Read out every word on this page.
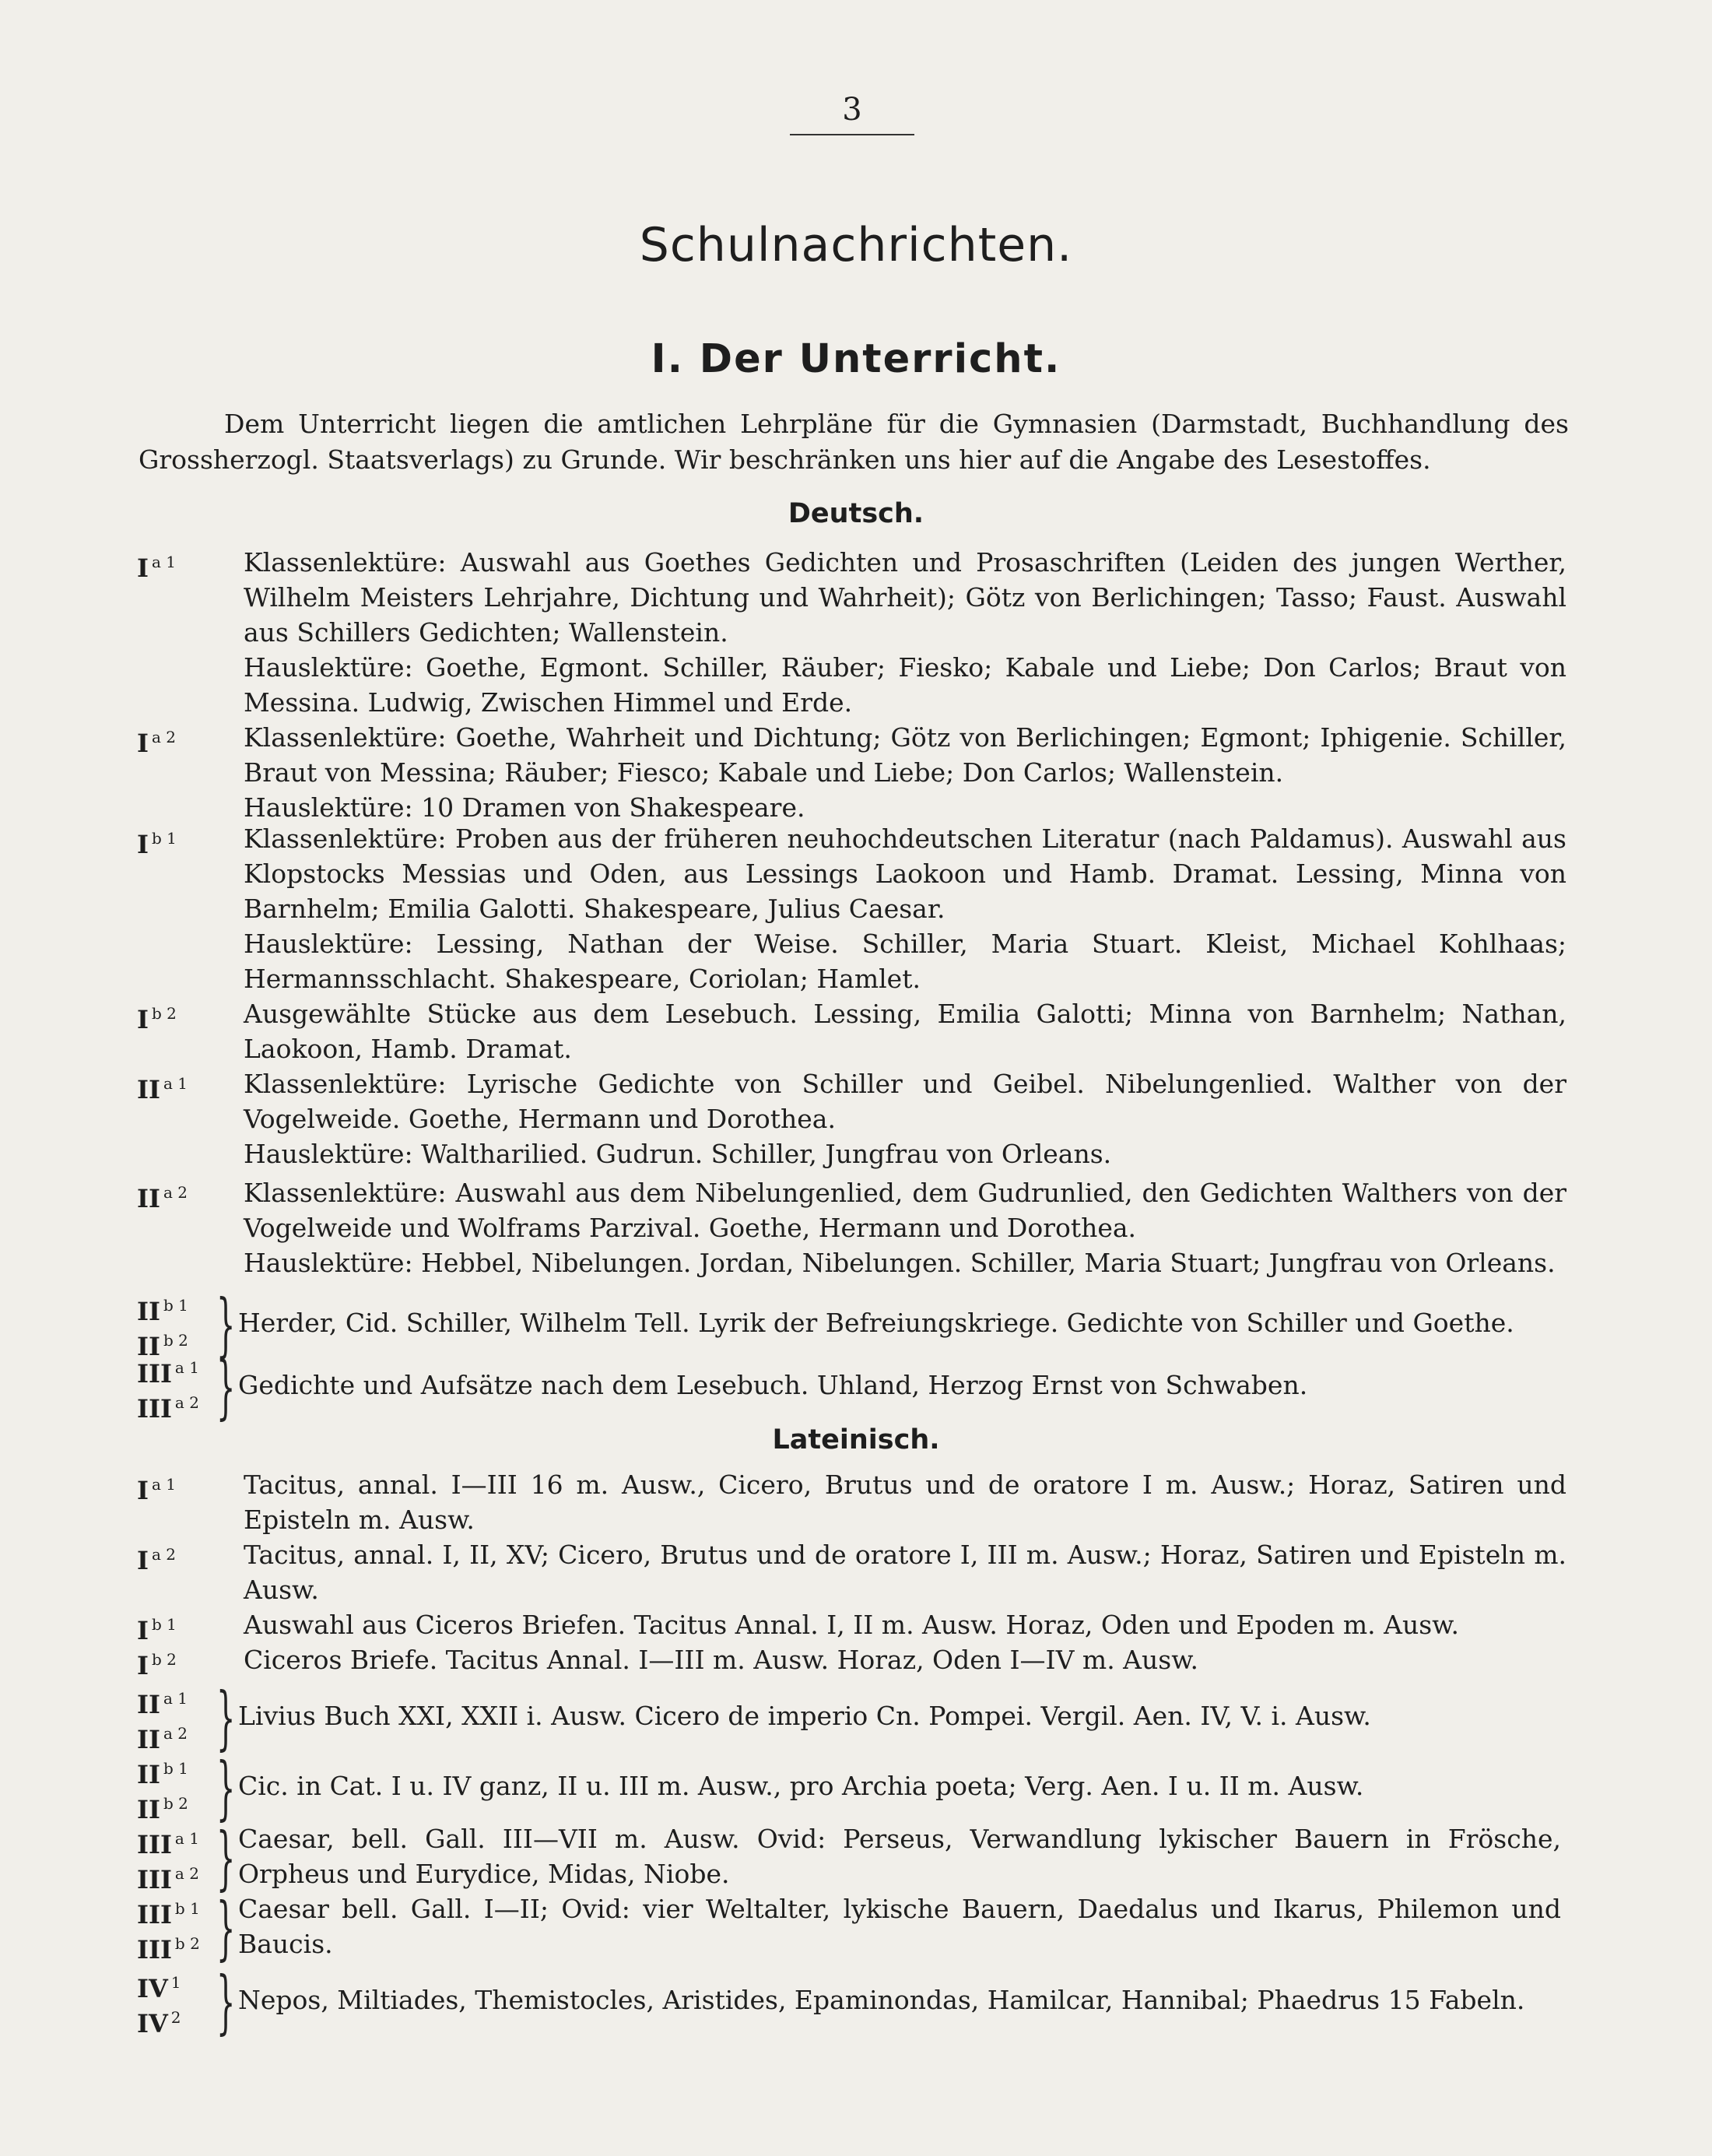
3
Schulnachrichten.
I. Der Unterricht.
Dem Unterricht liegen die amtlichen Lehrpläne für die Gymnasien (Darmstadt, Buchhandlung des Grossherzogl. Staatsverlags) zu Grunde. Wir beschränken uns hier auf die Angabe des Lesestoffes.
Deutsch.
I $^{a 1}$	Klassenlektüre: Auswahl aus Goethes Gedichten und Prosaschriften (Leiden des jungen Werther, Wilhelm Meisters Lehrjahre, Dichtung und Wahrheit); Götz von Berlichingen; Tasso; Faust. Auswahl aus Schillers Gedichten; Wallenstein.
Hauslektüre: Goethe, Egmont. Schiller, Räuber; Fiesko; Kabale und Liebe; Don Carlos; Braut von Messina. Ludwig, Zwischen Himmel und Erde.
I $^{a 2}$	Klassenlektüre: Goethe, Wahrheit und Dichtung; Götz von Berlichingen; Egmont; Iphigenie. Schiller, Braut von Messina; Räuber; Fiesco; Kabale und Liebe; Don Carlos; Wallenstein.
Hauslektüre: 10 Dramen von Shakespeare.
I $^{b 1}$	Klassenlektüre: Proben aus der früheren neuhochdeutschen Literatur (nach Paldamus). Auswahl aus Klopstocks Messias und Oden, aus Lessings Laokoon und Hamb. Dramat. Lessing, Minna von Barnhelm; Emilia Galotti. Shakespeare, Julius Caesar.
Hauslektüre: Lessing, Nathan der Weise. Schiller, Maria Stuart. Kleist, Michael Kohlhaas; Hermannsschlacht. Shakespeare, Coriolan; Hamlet.
I $^{b 2}$	Ausgewählte Stücke aus dem Lesebuch. Lessing, Emilia Galotti; Minna von Barnhelm; Nathan, Laokoon, Hamb. Dramat.
II $^{a 1}$	Klassenlektüre: Lyrische Gedichte von Schiller und Geibel. Nibelungenlied. Walther von der Vogelweide. Goethe, Hermann und Dorothea.
Hauslektüre: Waltharilied. Gudrun. Schiller, Jungfrau von Orleans.
II $^{a 2}$	Klassenlektüre: Auswahl aus dem Nibelungenlied, dem Gudrunlied, den Gedichten Walthers von der Vogelweide und Wolframs Parzival. Goethe, Hermann und Dorothea.
Hauslektüre: Hebbel, Nibelungen. Jordan, Nibelungen. Schiller, Maria Stuart; Jungfrau von Orleans.
II $^{b 1}$
II $^{b 2}$ } Herder, Cid. Schiller, Wilhelm Tell. Lyrik der Befreiungskriege. Gedichte von Schiller und Goethe.
III $^{a 1}$
III $^{a 2}$ } Gedichte und Aufsätze nach dem Lesebuch. Uhland, Herzog Ernst von Schwaben.
Lateinisch.
I $^{a 1}$	Tacitus, annal. I—III 16 m. Ausw., Cicero, Brutus und de oratore I m. Ausw.; Horaz, Satiren und Episteln m. Ausw.
I $^{a 2}$	Tacitus, annal. I, II, XV; Cicero, Brutus und de oratore I, III m. Ausw.; Horaz, Satiren und Episteln m. Ausw.
I $^{b 1}$	Auswahl aus Ciceros Briefen. Tacitus Annal. I, II m. Ausw. Horaz, Oden und Epoden m. Ausw.
I $^{b 2}$	Ciceros Briefe. Tacitus Annal. I—III m. Ausw. Horaz, Oden I—IV m. Ausw.
II $^{a 1}$
II $^{a 2}$ } Livius Buch XXI, XXII i. Ausw. Cicero de imperio Cn. Pompei. Vergil. Aen. IV, V. i. Ausw.
II $^{b 1}$
II $^{b 2}$ } Cic. in Cat. I u. IV ganz, II u. III m. Ausw., pro Archia poeta; Verg. Aen. I u. II m. Ausw.
III $^{a 1}$
III $^{a 2}$ } Caesar, bell. Gall. III—VII m. Ausw. Ovid: Perseus, Verwandlung lykischer Bauern in Frösche, Orpheus und Eurydice, Midas, Niobe.
III $^{b 1}$
III $^{b 2}$ } Caesar bell. Gall. I—II; Ovid: vier Weltalter, lykische Bauern, Daedalus und Ikarus, Philemon und Baucis.
IV $^1$
IV $^2$ } Nepos, Miltiades, Themistocles, Aristides, Epaminondas, Hamilcar, Hannibal; Phaedrus 15 Fabeln.
